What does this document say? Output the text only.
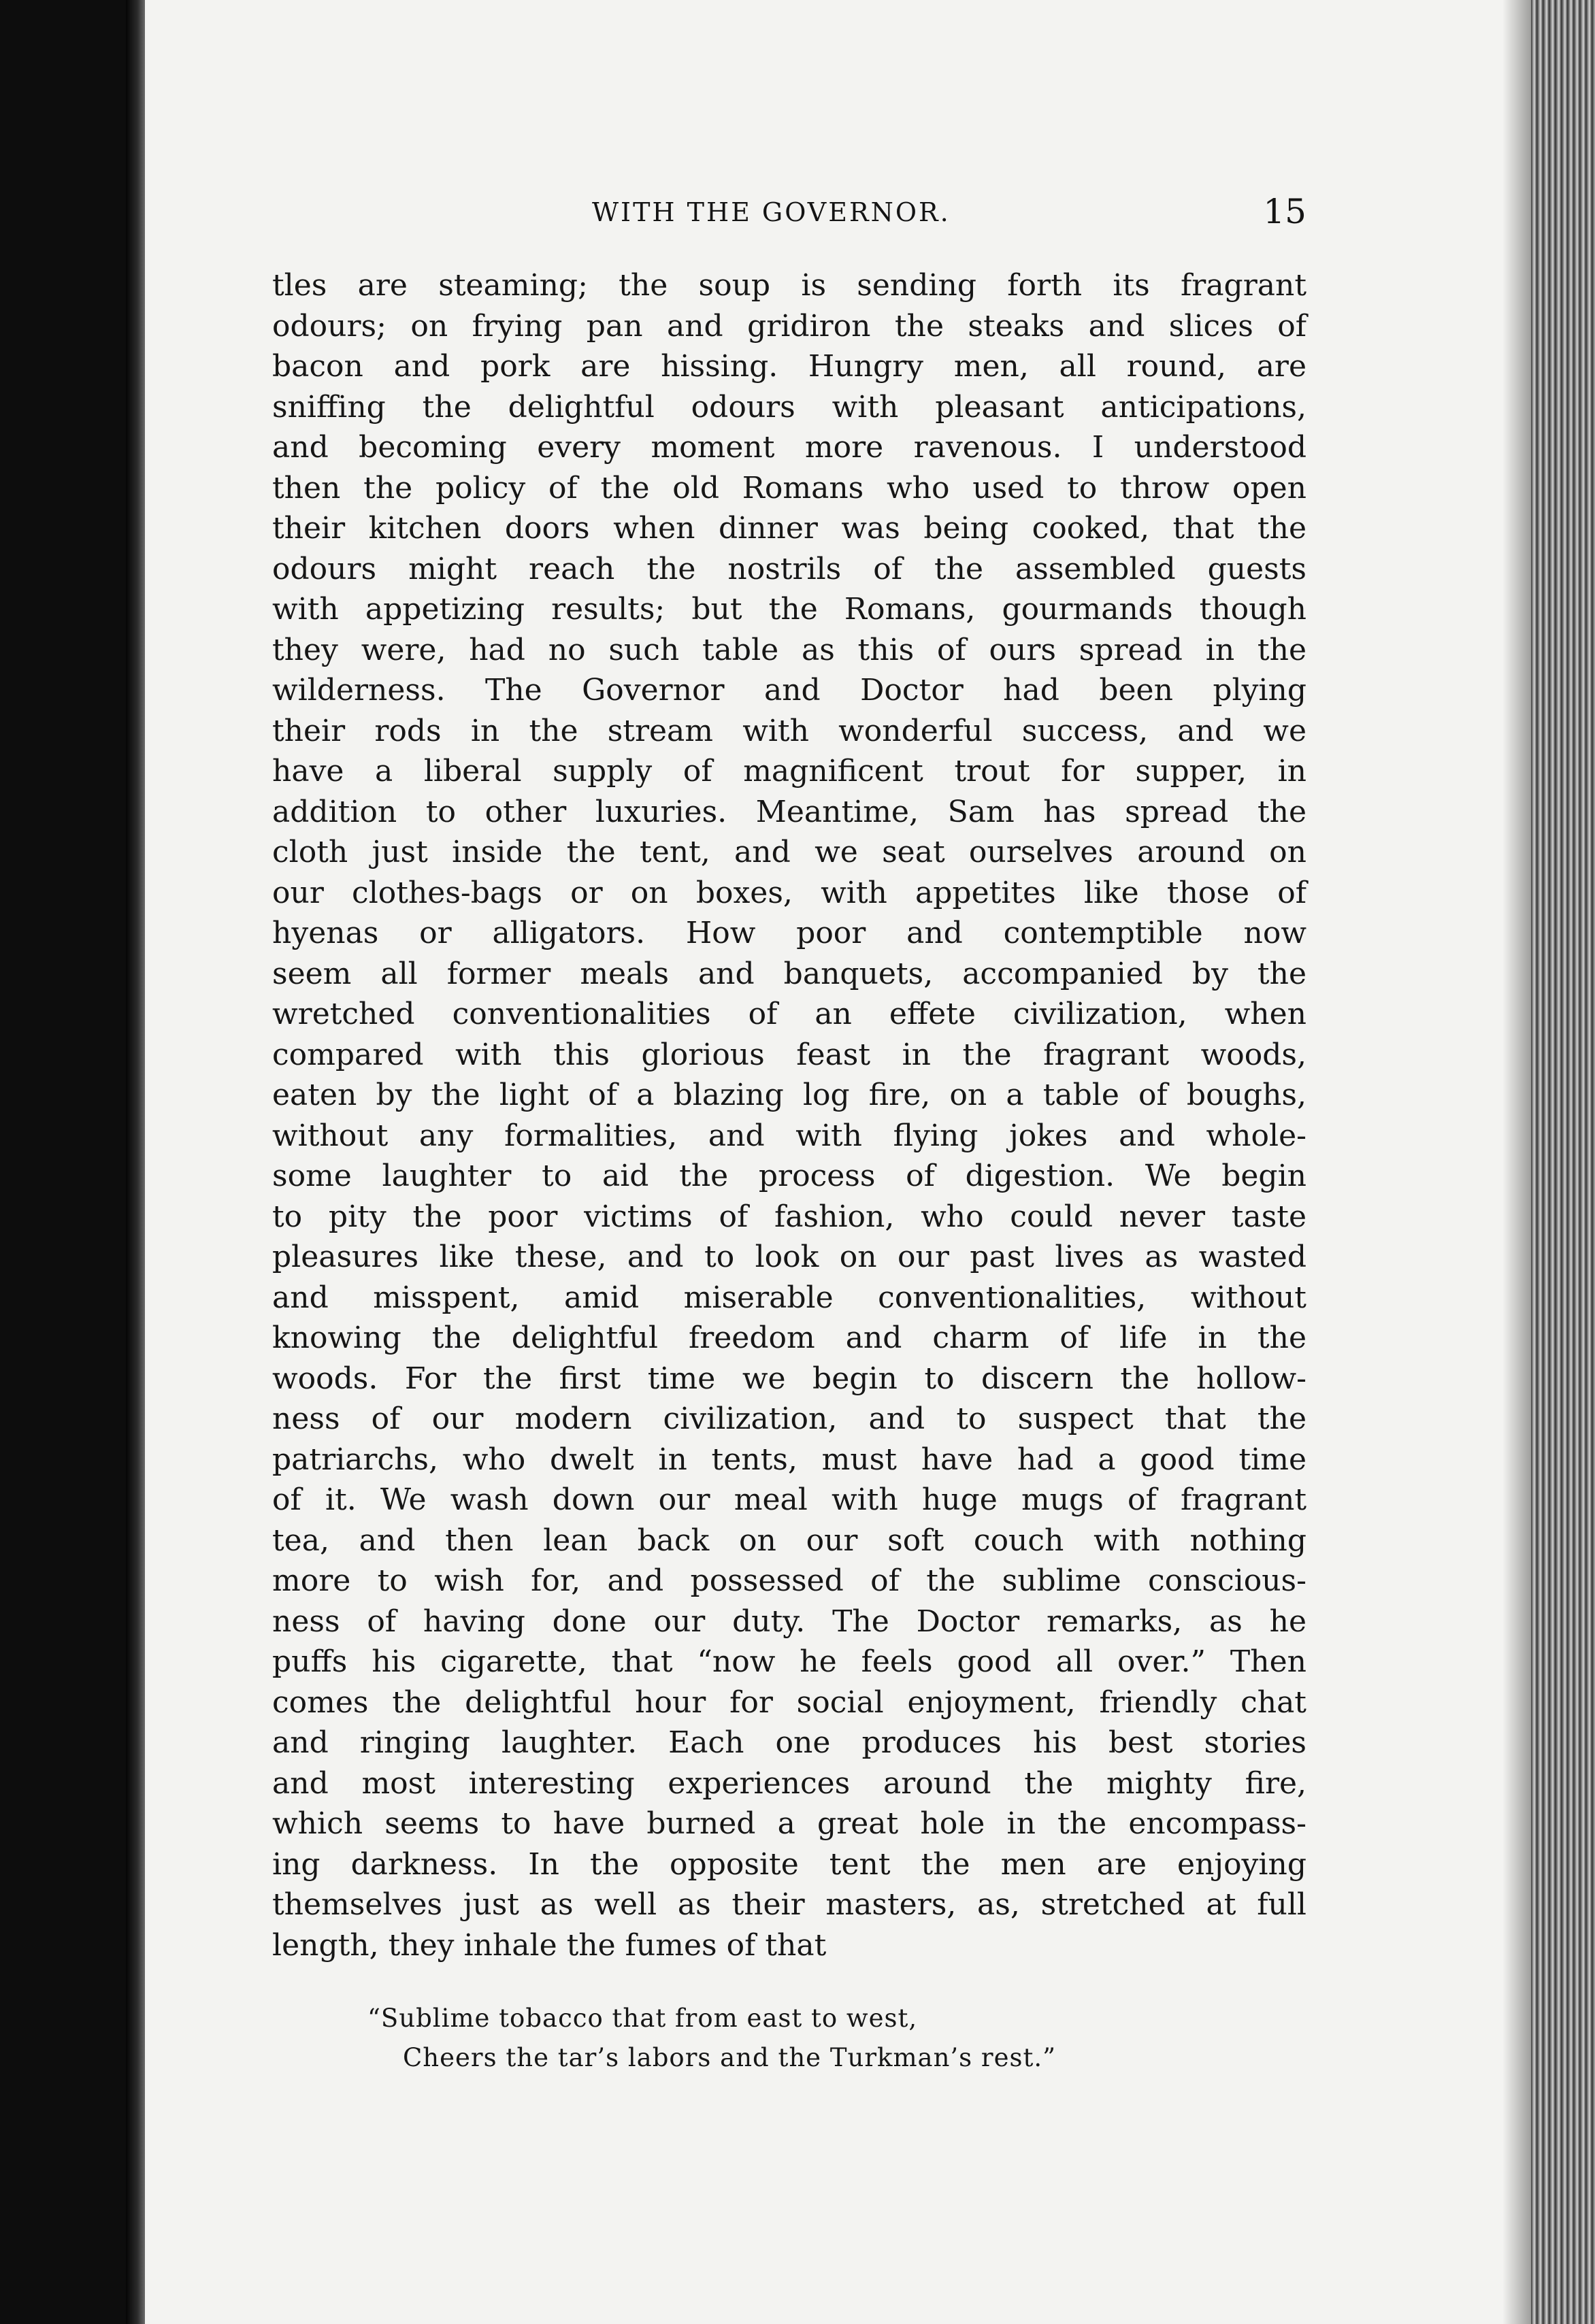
WITH THE GOVERNOR.	15
tles are steaming; the soup is sending forth its fragrant
odours; on frying pan and gridiron the steaks and slices of
bacon and pork are hissing. Hungry men, all round, are
sniffing the delightful odours with pleasant anticipations,
and becoming every moment more ravenous. I understood
then the policy of the old Romans who used to throw open
their kitchen doors when dinner was being cooked, that the
odours might reach the nostrils of the assembled guests
with appetizing results; but the Romans, gourmands though
they were, had no such table as this of ours spread in the
wilderness. The Governor and Doctor had been plying
their rods in the stream with wonderful success, and we
have a liberal supply of magnificent trout for supper, in
addition to other luxuries. Meantime, Sam has spread the
cloth just inside the tent, and we seat ourselves around on
our clothes-bags or on boxes, with appetites like those of
hyenas or alligators. How poor and contemptible now
seem all former meals and banquets, accompanied by the
wretched conventionalities of an effete civilization, when
compared with this glorious feast in the fragrant woods,
eaten by the light of a blazing log fire, on a table of boughs,
without any formalities, and with flying jokes and whole-
some laughter to aid the process of digestion. We begin
to pity the poor victims of fashion, who could never taste
pleasures like these, and to look on our past lives as wasted
and misspent, amid miserable conventionalities, without
knowing the delightful freedom and charm of life in the
woods. For the first time we begin to discern the hollow-
ness of our modern civilization, and to suspect that the
patriarchs, who dwelt in tents, must have had a good time
of it. We wash down our meal with huge mugs of fragrant
tea, and then lean back on our soft couch with nothing
more to wish for, and possessed of the sublime conscious-
ness of having done our duty. The Doctor remarks, as he
puffs his cigarette, that “now he feels good all over.” Then
comes the delightful hour for social enjoyment, friendly chat
and ringing laughter. Each one produces his best stories
and most interesting experiences around the mighty fire,
which seems to have burned a great hole in the encompass-
ing darkness. In the opposite tent the men are enjoying
themselves just as well as their masters, as, stretched at full
length, they inhale the fumes of that
“Sublime tobacco that from east to west,
Cheers the tar’s labors and the Turkman’s rest.”
